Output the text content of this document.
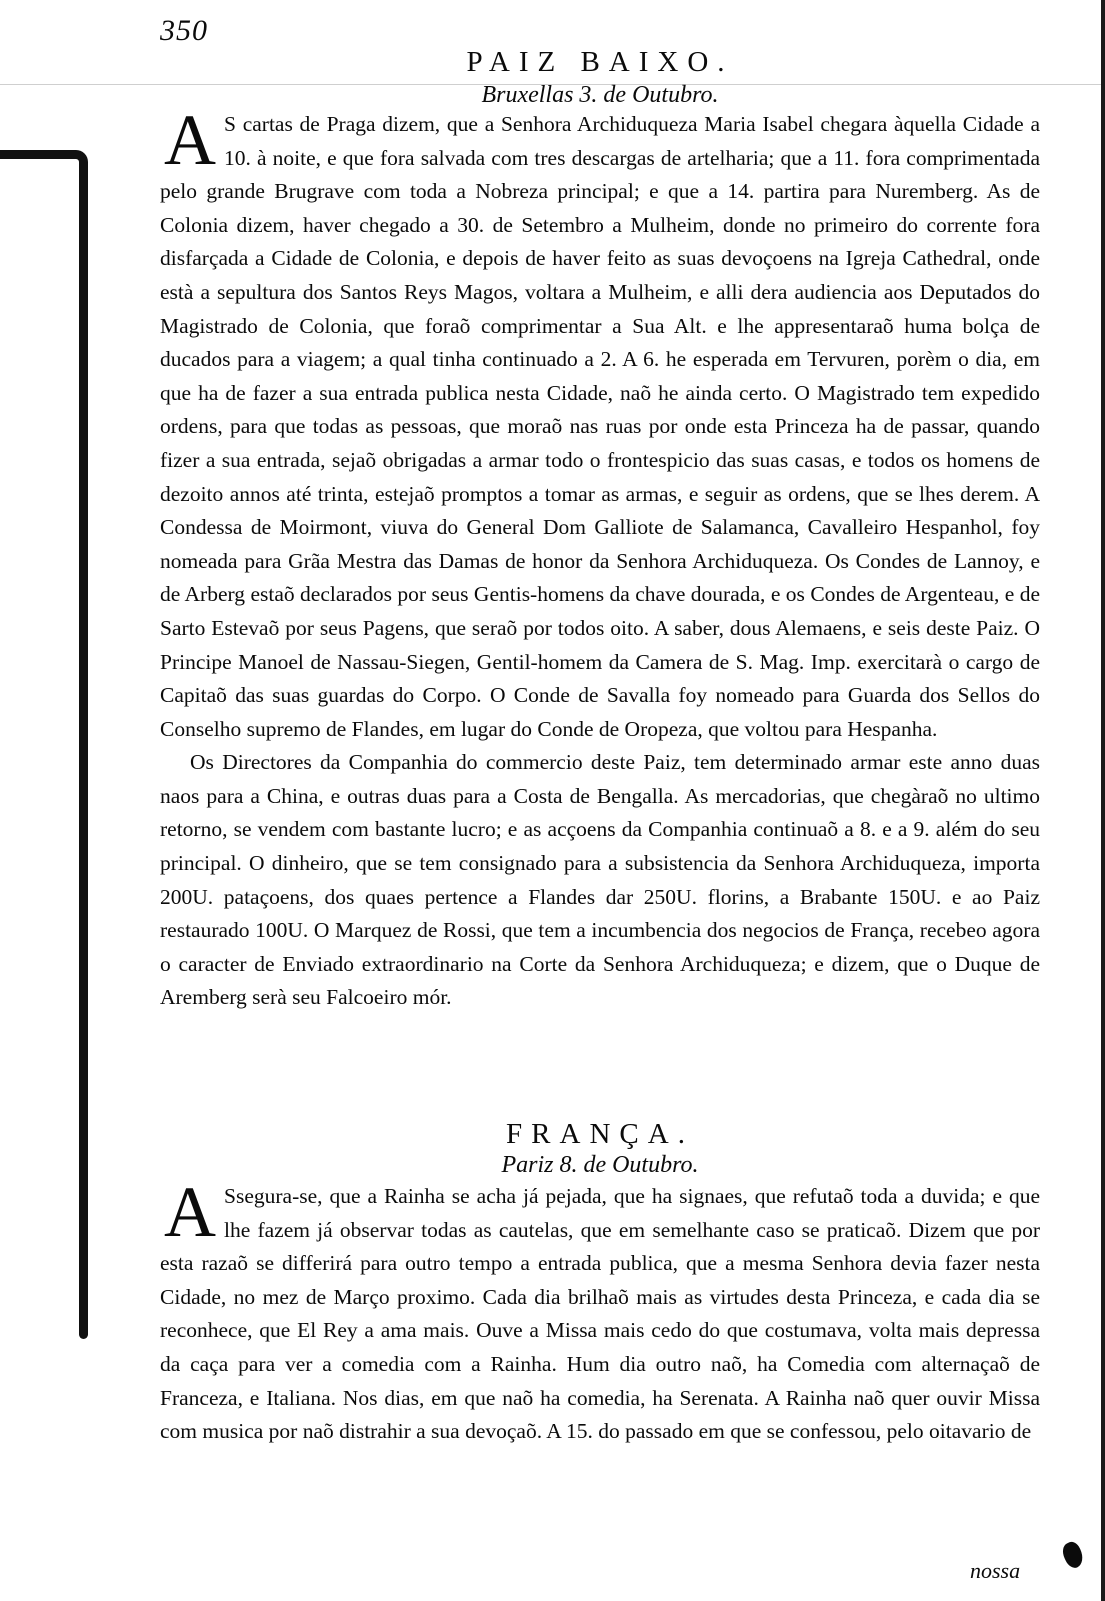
350
PAIZ BAIXO.
Bruxellas 3. de Outubro.

A S cartas de Praga dizem, que a Senhora Archiduqueza Maria Isabel chegara àquella Cidade a 10. à noite, e que fora salvada com tres descargas de artelharia; que a 11. fora comprimentada pelo grande Brugrave com toda a Nobreza principal; e que a 14. partira para Nuremberg. As de Colonia dizem, haver chegado a 30. de Setembro a Mulheim, donde no primeiro do corrente fora disfarçada a Cidade de Colonia, e depois de haver feito as suas devoçoens na Igreja Cathedral, onde està a sepultura dos Santos Reys Magos, voltara a Mulheim, e alli dera audiencia aos Deputados do Magistrado de Colonia, que foraõ comprimentar a Sua Alt. e lhe appresentaraõ huma bolça de ducados para a viagem; a qual tinha continuado a 2. A 6. he esperada em Tervuren, porèm o dia, em que ha de fazer a sua entrada publica nesta Cidade, naõ he ainda certo. O Magistrado tem expedido ordens, para que todas as pessoas, que moraõ nas ruas por onde esta Princeza ha de passar, quando fizer a sua entrada, sejaõ obrigadas a armar todo o frontespicio das suas casas, e todos os homens de dezoito annos até trinta, estejaõ promptos a tomar as armas, e seguir as ordens, que se lhes derem. A Condessa de Moirmont, viuva do General Dom Galliote de Salamanca, Cavalleiro Hespanhol, foy nomeada para Grãa Mestra das Damas de honor da Senhora Archiduqueza. Os Condes de Lannoy, e de Arberg estaõ declarados por seus Gentis-homens da chave dourada, e os Condes de Argenteau, e de Sarto Estevaõ por seus Pagens, que seraõ por todos oito. A saber, dous Alemaens, e seis deste Paiz. O Principe Manoel de Nassau-Siegen, Gentil-homem da Camera de S. Mag. Imp. exercitarà o cargo de Capitaõ das suas guardas do Corpo. O Conde de Savalla foy nomeado para Guarda dos Sellos do Conselho supremo de Flandes, em lugar do Conde de Oropeza, que voltou para Hespanha.

Os Directores da Companhia do commercio deste Paiz, tem determinado armar este anno duas naos para a China, e outras duas para a Costa de Bengalla. As mercadorias, que chegàraõ no ultimo retorno, se vendem com bastante lucro; e as acçoens da Companhia continuaõ a 8. e a 9. além do seu principal. O dinheiro, que se tem consignado para a subsistencia da Senhora Archiduqueza, importa 200U. pataçoens, dos quaes pertence a Flandes dar 250U. florins, a Brabante 150U. e ao Paiz restaurado 100U. O Marquez de Rossi, que tem a incumbencia dos negocios de França, recebeo agora o caracter de Enviado extraordinario na Corte da Senhora Archiduqueza; e dizem, que o Duque de Aremberg serà seu Falcoeiro mór.

FRANÇA.
Pariz 8. de Outubro.

A Ssegura-se, que a Rainha se acha já pejada, que ha signaes, que refutaõ toda a duvida; e que lhe fazem já observar todas as cautelas, que em semelhante caso se praticaõ. Dizem que por esta razaõ se differirá para outro tempo a entrada publica, que a mesma Senhora devia fazer nesta Cidade, no mez de Março proximo. Cada dia brilhaõ mais as virtudes desta Princeza, e cada dia se reconhece, que El Rey a ama mais. Ouve a Missa mais cedo do que costumava, volta mais depressa da caça para ver a comedia com a Rainha. Hum dia outro naõ, ha Comedia com alternaçaõ de Franceza, e Italiana. Nos dias, em que naõ ha comedia, ha Serenata. A Rainha naõ quer ouvir Missa com musica por naõ distrahir a sua devoçaõ. A 15. do passado em que se confessou, pelo oitavario de

nossa
